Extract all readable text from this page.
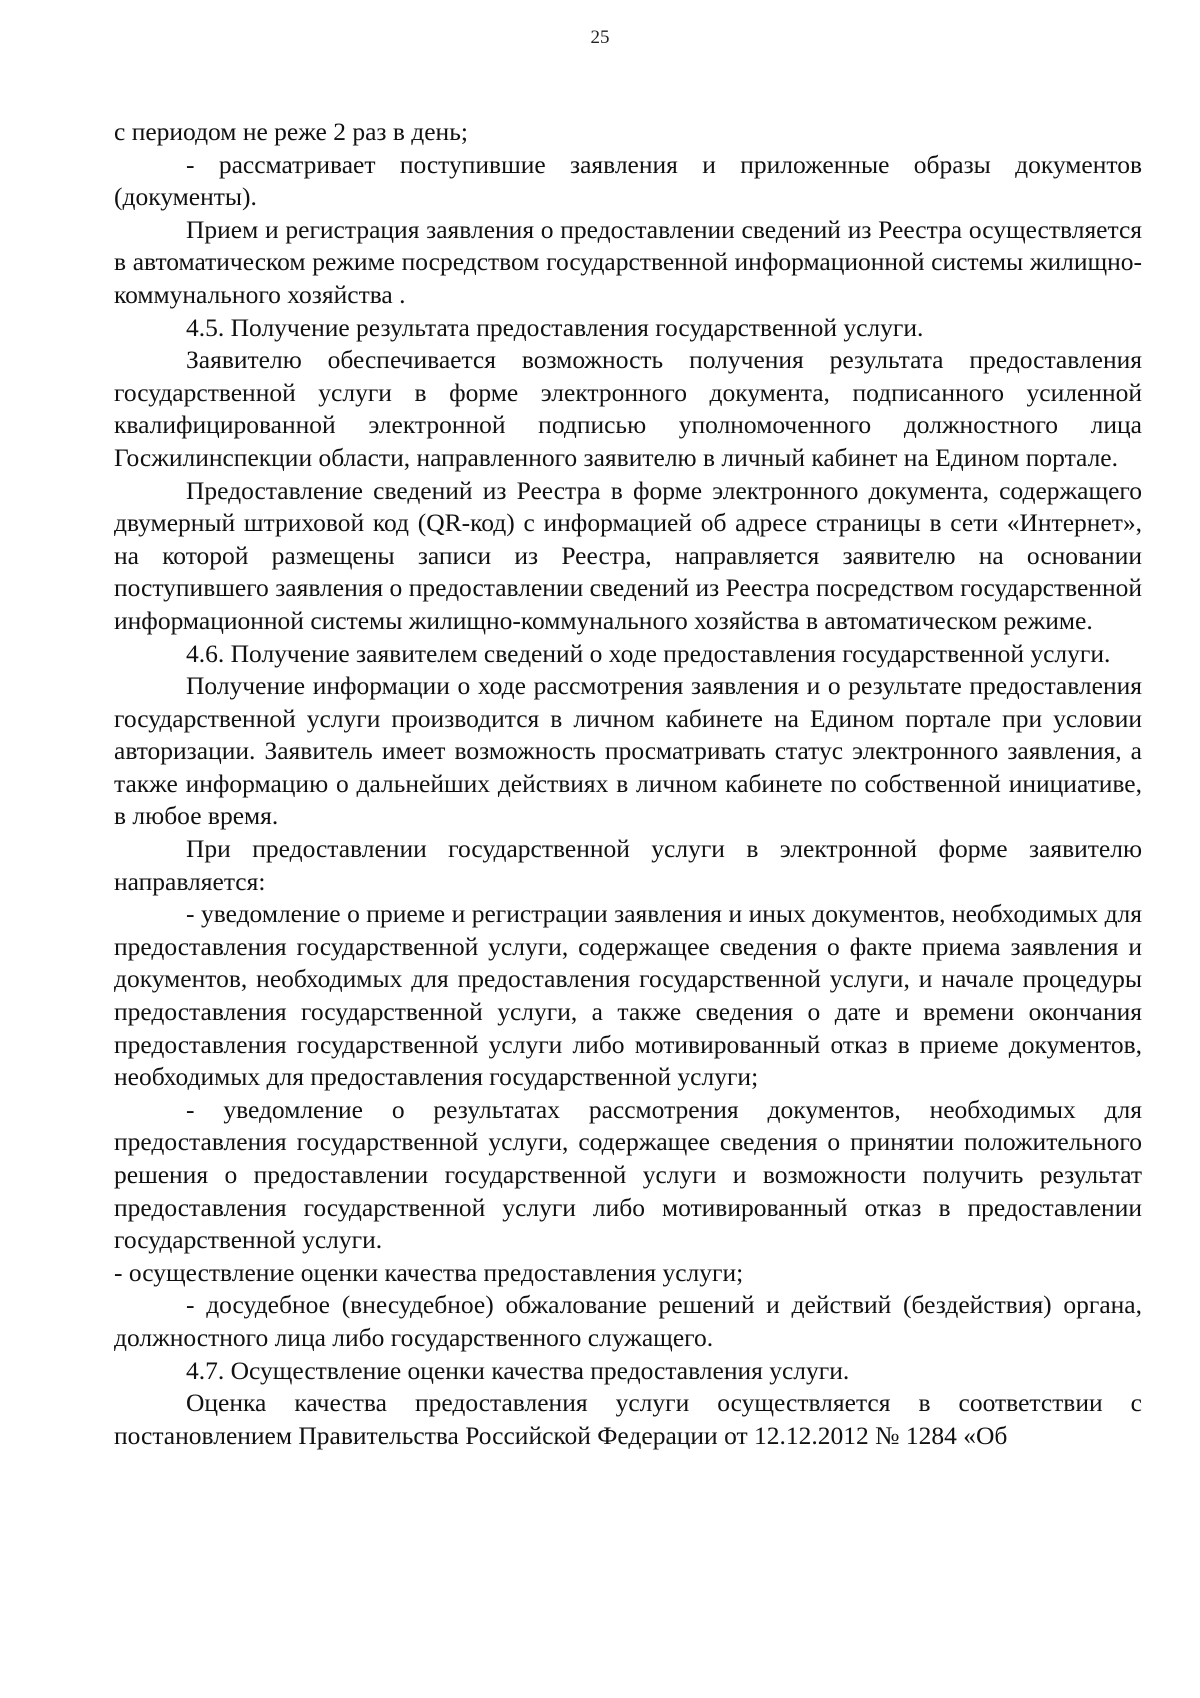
25

с периодом не реже 2 раз в день;

- рассматривает поступившие заявления и приложенные образы документов (документы).

Прием и регистрация заявления о предоставлении сведений из Реестра осуществляется в автоматическом режиме посредством государственной информационной системы жилищно-коммунального хозяйства .

4.5. Получение результата предоставления государственной услуги.

Заявителю обеспечивается возможность получения результата предоставления государственной услуги в форме электронного документа, подписанного усиленной квалифицированной электронной подписью уполномоченного должностного лица Госжилинспекции области, направленного заявителю в личный кабинет на Едином портале.

Предоставление сведений из Реестра в форме электронного документа, содержащего двумерный штриховой код (QR-код) с информацией об адресе страницы в сети «Интернет», на которой размещены записи из Реестра, направляется заявителю на основании поступившего заявления о предоставлении сведений из Реестра посредством государственной информационной системы жилищно-коммунального хозяйства в автоматическом режиме.

4.6. Получение заявителем сведений о ходе предоставления государственной услуги.

Получение информации о ходе рассмотрения заявления и о результате предоставления государственной услуги производится в личном кабинете на Едином портале при условии авторизации. Заявитель имеет возможность просматривать статус электронного заявления, а также информацию о дальнейших действиях в личном кабинете по собственной инициативе, в любое время.

При предоставлении государственной услуги в электронной форме заявителю направляется:

- уведомление о приеме и регистрации заявления и иных документов, необходимых для предоставления государственной услуги, содержащее сведения о факте приема заявления и документов, необходимых для предоставления государственной услуги, и начале процедуры предоставления государственной услуги, а также сведения о дате и времени окончания предоставления государственной услуги либо мотивированный отказ в приеме документов, необходимых для предоставления государственной услуги;

- уведомление о результатах рассмотрения документов, необходимых для предоставления государственной услуги, содержащее сведения о принятии положительного решения о предоставлении государственной услуги и возможности получить результат предоставления государственной услуги либо мотивированный отказ в предоставлении государственной услуги.

- осуществление оценки качества предоставления услуги;

- досудебное (внесудебное) обжалование решений и действий (бездействия) органа, должностного лица либо государственного служащего.

4.7. Осуществление оценки качества предоставления услуги.

Оценка качества предоставления услуги осуществляется в соответствии с постановлением Правительства Российской Федерации от 12.12.2012 № 1284 «Об
